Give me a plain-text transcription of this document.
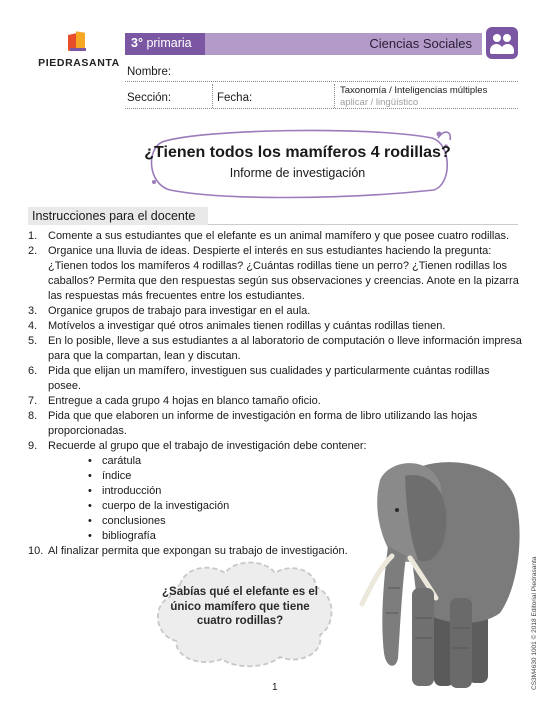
PIEDRASANTA
3° primaria	Ciencias Sociales
Nombre:
Sección:	Fecha:
Taxonomía / Inteligencias múltiples
aplicar / lingüístico
¿Tienen todos los mamíferos 4 rodillas?
Informe de investigación
Instrucciones para el docente
1. Comente a sus estudiantes que el elefante es un animal mamífero y que posee cuatro rodillas.
2. Organice una lluvia de ideas. Despierte el interés en sus estudiantes haciendo la pregunta: ¿Tienen todos los mamíferos 4 rodillas? ¿Cuántas rodillas tiene un perro? ¿Tienen rodillas los caballos? Permita que den respuestas según sus observaciones y creencias. Anote en la pizarra las respuestas más frecuentes entre los estudiantes.
3. Organice grupos de trabajo para investigar en el aula.
4. Motívelos a investigar qué otros animales tienen rodillas y cuántas rodillas tienen.
5. En lo posible, lleve a sus estudiantes a al laboratorio de computación o lleve información impresa para que la compartan, lean y discutan.
6. Pida que elijan un mamífero, investiguen sus cualidades y particularmente cuántas rodillas posee.
7. Entregue a cada grupo 4 hojas en blanco tamaño oficio.
8. Pida que que elaboren un informe de investigación en forma de libro utilizando las hojas proporcionadas.
9. Recuerde al grupo que el trabajo de investigación debe contener:
• carátula
• índice
• introducción
• cuerpo de la investigación
• conclusiones
• bibliografía
10. Al finalizar permita que expongan su trabajo de investigación.
¿Sabías qué el elefante es el único mamífero que tiene cuatro rodillas?
1	CS3M4630 1001 © 2018 Editorial Piedrasanta
